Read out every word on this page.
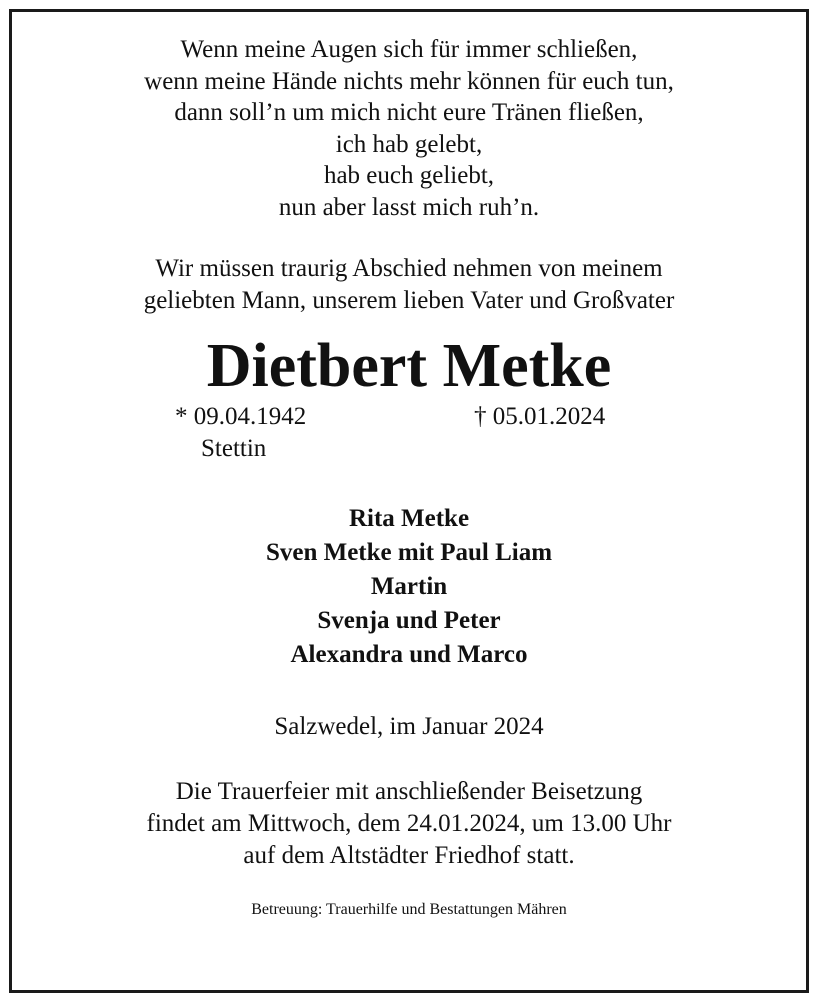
Wenn meine Augen sich für immer schließen,
wenn meine Hände nichts mehr können für euch tun,
dann soll’n um mich nicht eure Tränen fließen,
ich hab gelebt,
hab euch geliebt,
nun aber lasst mich ruh’n.
Wir müssen traurig Abschied nehmen von meinem
geliebten Mann, unserem lieben Vater und Großvater
Dietbert Metke
* 09.04.1942
Stettin
† 05.01.2024
Rita Metke
Sven Metke mit Paul Liam
Martin
Svenja und Peter
Alexandra und Marco
Salzwedel, im Januar 2024
Die Trauerfeier mit anschließender Beisetzung
findet am Mittwoch, dem 24.01.2024, um 13.00 Uhr
auf dem Altstädter Friedhof statt.
Betreuung: Trauerhilfe und Bestattungen Mähren
